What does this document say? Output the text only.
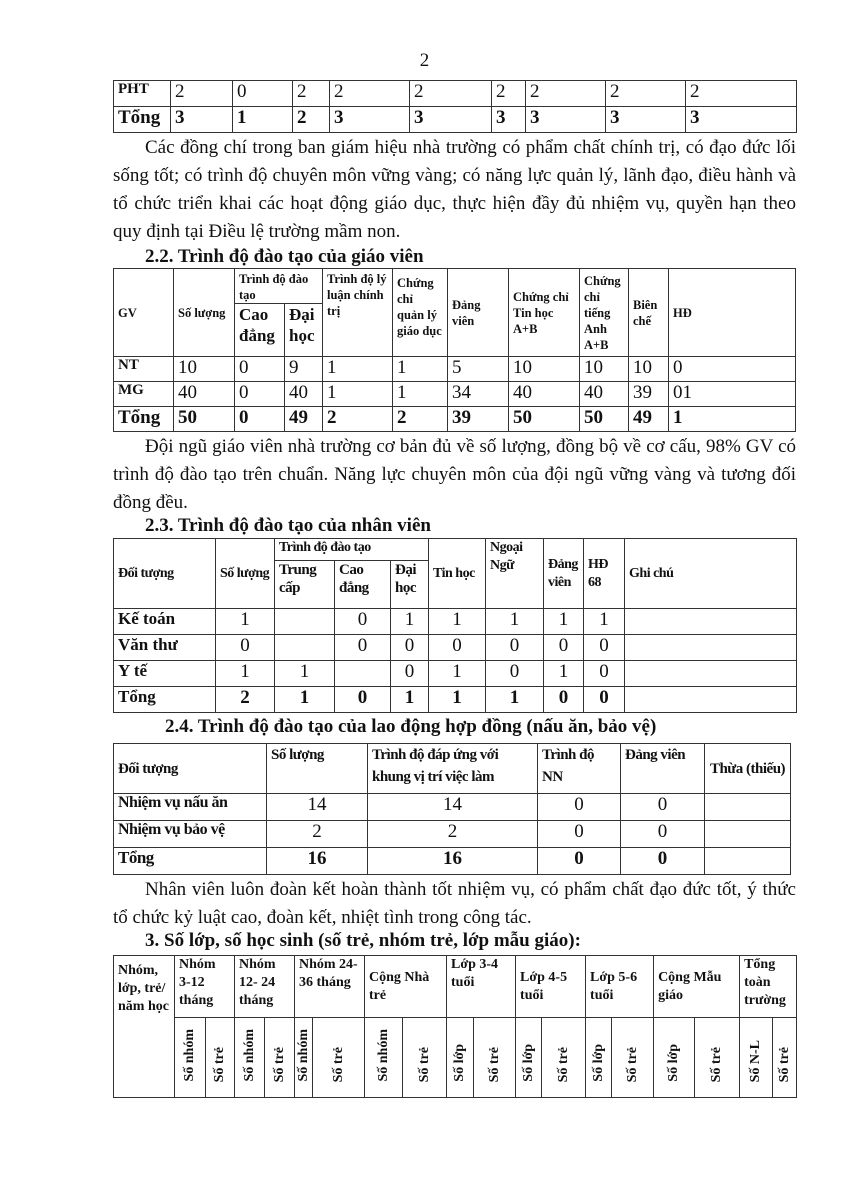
2
PHT	2	0	2	2	2	2	2	2	2
Tổng	3	1	2	3	3	3	3	3	3
Các đồng chí trong ban giám hiệu nhà trường có phẩm chất chính trị, có đạo đức lối sống tốt; có trình độ chuyên môn vững vàng; có năng lực quản lý, lãnh đạo, điều hành và tổ chức triển khai các hoạt động giáo dục, thực hiện đầy đủ nhiệm vụ, quyền hạn theo quy định tại Điều lệ trường mầm non.
2.2. Trình độ đào tạo của giáo viên
GV	Số lượng	Trình độ đào tạo		Trình độ lý luận chính trị	Chứng chỉ quản lý giáo dục	Đảng viên	Chứng chỉ Tin học A+B	Chứng chỉ tiếng Anh A+B	Biên chế	HĐ
		Cao đẳng	Đại học							
NT	10	0	9	1	1	5	10	10	10	0
MG	40	0	40	1	1	34	40	40	39	01
Tổng	50	0	49	2	2	39	50	50	49	1
Đội ngũ giáo viên nhà trường cơ bản đủ về số lượng, đồng bộ về cơ cấu, 98% GV có trình độ đào tạo trên chuẩn. Năng lực chuyên môn của đội ngũ vững vàng và tương đối đồng đều.
2.3. Trình độ đào tạo của nhân viên
Đối tượng	Số lượng	Trình độ đào tạo			Tin học	Ngoại Ngữ	Đảng viên	HĐ 68	Ghi chú
		Trung cấp	Cao đẳng	Đại học					
Kế toán	1		0	1	1	1	1	1	
Văn thư	0		0	0	0	0	0	0	
Y tế	1	1		0	1	0	1	0	
Tổng	2	1	0	1	1	1	0	0	
2.4. Trình độ đào tạo của lao động hợp đồng (nấu ăn, bảo vệ)
Đối tượng	Số lượng	Trình độ đáp ứng với khung vị trí việc làm	Trình độ NN	Đảng viên	Thừa (thiếu)
Nhiệm vụ nấu ăn	14	14	0	0	
Nhiệm vụ bảo vệ	2	2	0	0	
Tổng	16	16	0	0	
Nhân viên luôn đoàn kết hoàn thành tốt nhiệm vụ, có phẩm chất đạo đức tốt, ý thức tổ chức kỷ luật cao, đoàn kết, nhiệt tình trong công tác.
3. Số lớp, số học sinh (số trẻ, nhóm trẻ, lớp mẫu giáo):
Nhóm, lớp, trẻ/ năm học	Nhóm 3-12 tháng		Nhóm 12- 24 tháng		Nhóm 24-36 tháng		Cộng Nhà trẻ		Lớp 3-4 tuổi		Lớp 4-5 tuổi		Lớp 5-6 tuổi		Cộng Mẫu giáo		Tổng toàn trường	
	Số nhóm	Số trẻ	Số nhóm	Số trẻ	Số nhóm	Số trẻ	Số nhóm	Số trẻ	Số lớp	Số trẻ	Số lớp	Số trẻ	Số lớp	Số trẻ	Số lớp	Số trẻ	Số N-L	Số trẻ
